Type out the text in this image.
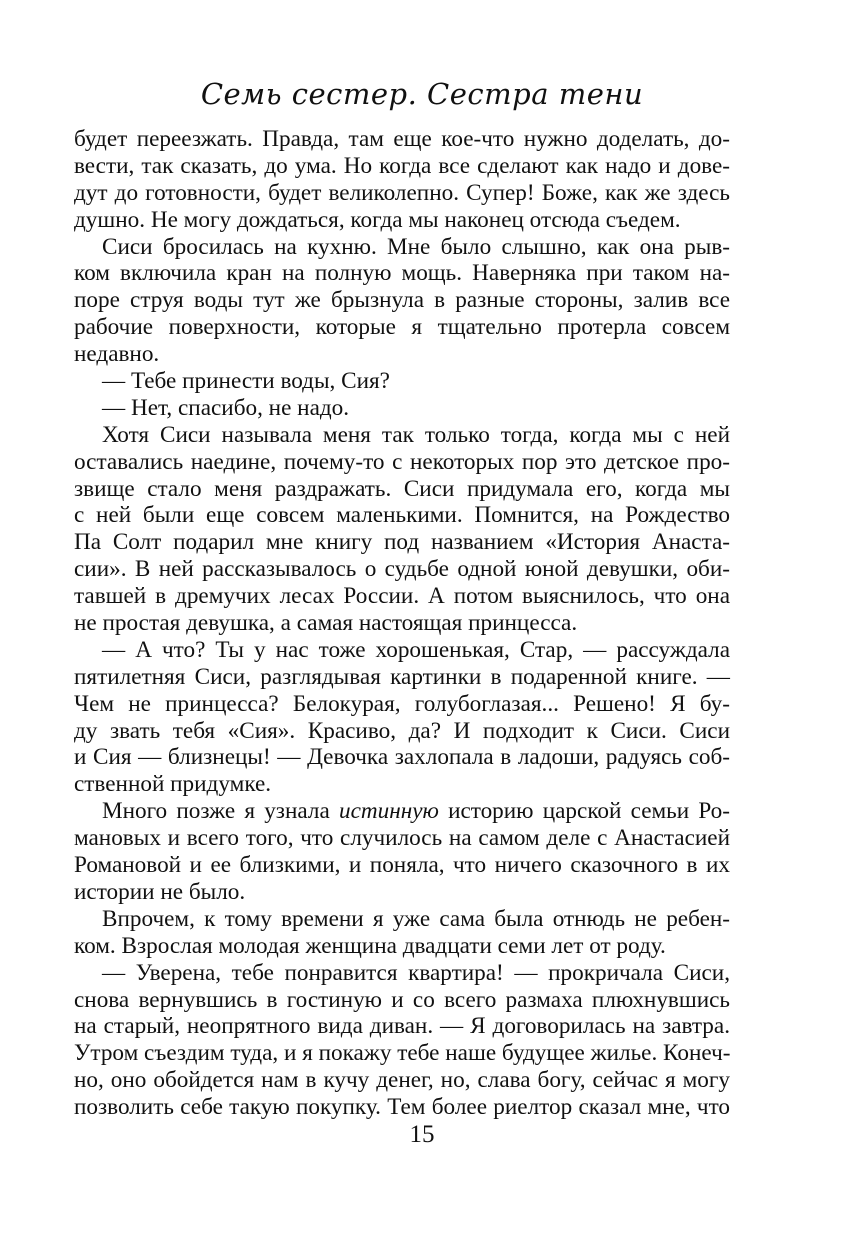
Семь сестер. Сестра тени
будет переезжать. Правда, там еще кое-что нужно доделать, до-
вести, так сказать, до ума. Но когда все сделают как надо и дове-
дут до готовности, будет великолепно. Супер! Боже, как же здесь
душно. Не могу дождаться, когда мы наконец отсюда съедем.
Сиси бросилась на кухню. Мне было слышно, как она рыв-
ком включила кран на полную мощь. Наверняка при таком на-
поре струя воды тут же брызнула в разные стороны, залив все
рабочие поверхности, которые я тщательно протерла совсем
недавно.
— Тебе принести воды, Сия?
— Нет, спасибо, не надо.
Хотя Сиси называла меня так только тогда, когда мы с ней
оставались наедине, почему-то с некоторых пор это детское про-
звище стало меня раздражать. Сиси придумала его, когда мы
с ней были еще совсем маленькими. Помнится, на Рождество
Па Солт подарил мне книгу под названием «История Анаста-
сии». В ней рассказывалось о судьбе одной юной девушки, оби-
тавшей в дремучих лесах России. А потом выяснилось, что она
не простая девушка, а самая настоящая принцесса.
— А что? Ты у нас тоже хорошенькая, Стар, — рассуждала
пятилетняя Сиси, разглядывая картинки в подаренной книге. —
Чем не принцесса? Белокурая, голубоглазая... Решено! Я бу-
ду звать тебя «Сия». Красиво, да? И подходит к Сиси. Сиси
и Сия — близнецы! — Девочка захлопала в ладоши, радуясь соб-
ственной придумке.
Много позже я узнала истинную историю царской семьи Ро-
мановых и всего того, что случилось на самом деле с Анастасией
Романовой и ее близкими, и поняла, что ничего сказочного в их
истории не было.
Впрочем, к тому времени я уже сама была отнюдь не ребен-
ком. Взрослая молодая женщина двадцати семи лет от роду.
— Уверена, тебе понравится квартира! — прокричала Сиси,
снова вернувшись в гостиную и со всего размаха плюхнувшись
на старый, неопрятного вида диван. — Я договорилась на завтра.
Утром съездим туда, и я покажу тебе наше будущее жилье. Конеч-
но, оно обойдется нам в кучу денег, но, слава богу, сейчас я могу
позволить себе такую покупку. Тем более риелтор сказал мне, что
15
